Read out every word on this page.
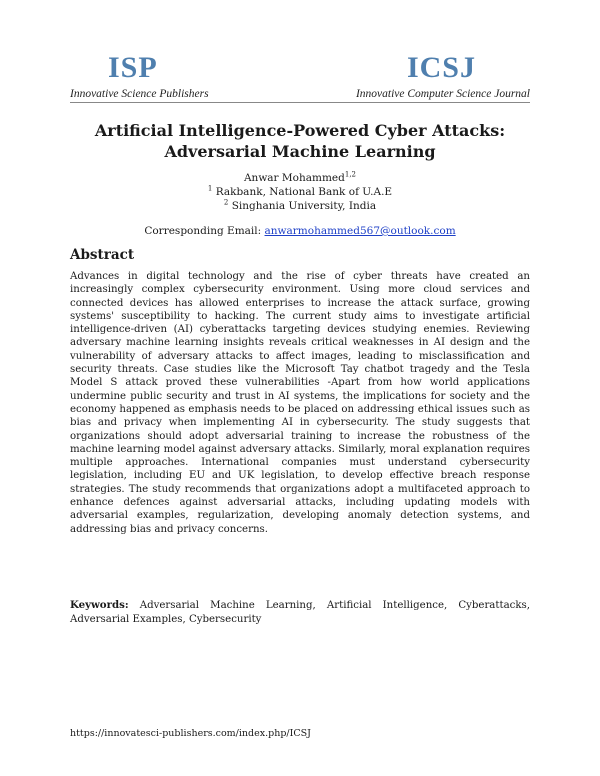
ISP
Innovative Science Publishers
ICSJ
Innovative Computer Science Journal
Artificial Intelligence-Powered Cyber Attacks:
Adversarial Machine Learning
Anwar Mohammed$^{1,2}$
$^1$ Rakbank, National Bank of U.A.E
$^2$ Singhania University, India
Corresponding Email: anwarmohammed567@outlook.com
Abstract

Advances in digital technology and the rise of cyber threats have created an increasingly complex cybersecurity environment. Using more cloud services and connected devices has allowed enterprises to increase the attack surface, growing systems' susceptibility to hacking. The current study aims to investigate artificial intelligence-driven (AI) cyberattacks targeting devices studying enemies. Reviewing adversary machine learning insights reveals critical weaknesses in AI design and the vulnerability of adversary attacks to affect images, leading to misclassification and security threats. Case studies like the Microsoft Tay chatbot tragedy and the Tesla Model S attack proved these vulnerabilities -Apart from how world applications undermine public security and trust in AI systems, the implications for society and the economy happened as emphasis needs to be placed on addressing ethical issues such as bias and privacy when implementing AI in cybersecurity. The study suggests that organizations should adopt adversarial training to increase the robustness of the machine learning model against adversary attacks. Similarly, moral explanation requires multiple approaches. International companies must understand cybersecurity legislation, including EU and UK legislation, to develop effective breach response strategies. The study recommends that organizations adopt a multifaceted approach to enhance defences against adversarial attacks, including updating models with adversarial examples, regularization, developing anomaly detection systems, and addressing bias and privacy concerns.

Keywords: Adversarial Machine Learning, Artificial Intelligence, Cyberattacks, Adversarial Examples, Cybersecurity

https://innovatesci-publishers.com/index.php/ICSJ
